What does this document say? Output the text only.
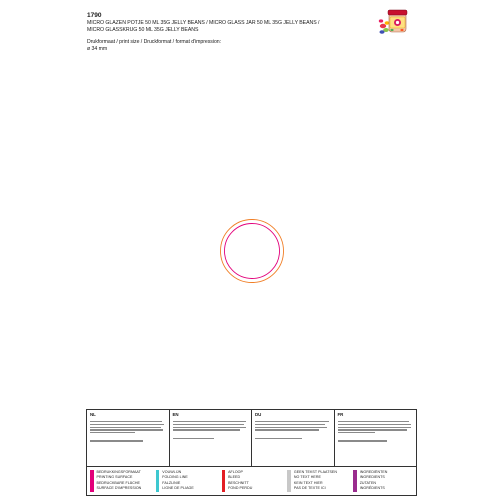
1790
MICRO GLAZEN POTJE 50 ML 35G JELLY BEANS / MICRO GLASS JAR 50 ML 35G JELLY BEANS /
MICRO GLASSKRUG 50 ML 35G JELLY BEANS
Drukformaat / print size / Druckformat / format d'impression:
ø 34 mm
NL	EN	DU	FR
BEDRUKKINGSFORMAAT
PRINTING SURFACE
BEDRUCKBARE FLÄCHE
SURFACE D'IMPRESSION
VOUWLIJN
FOLDING LINE
FALZLINIE
LIGNE DE PLIAGE
AFLOOP
BLEED
BESCHNITT
FOND PERDU
GEEN TEKST PLAATSEN
NO TEXT HERE
KEIN TEXT HIER
PAS DE TEXTE ICI
INGREDIËNTEN
INGREDIENTS
ZUTATEN
INGRÉDIENTS
